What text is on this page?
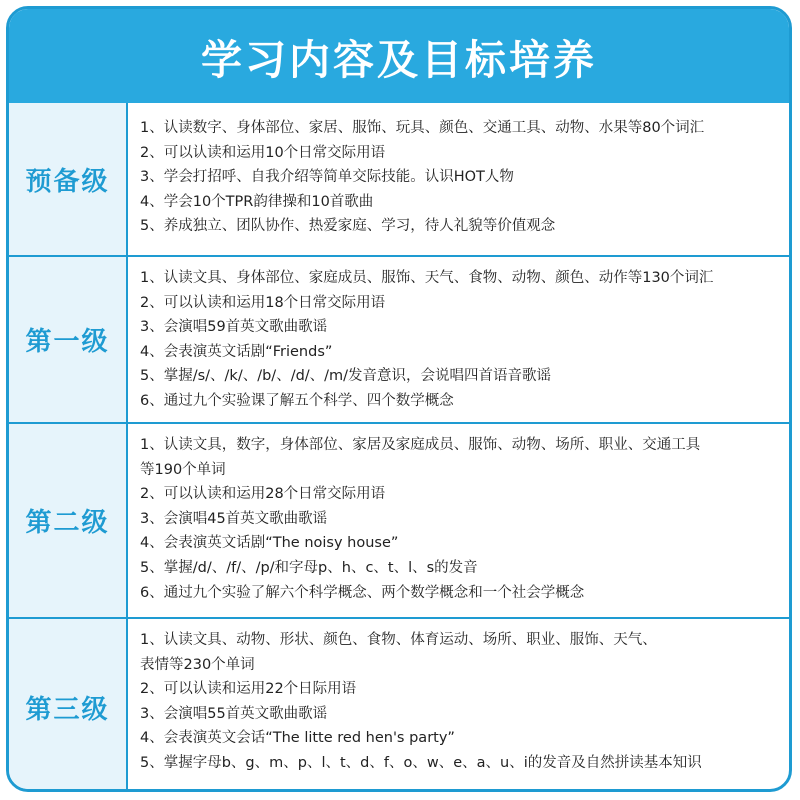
学习内容及目标培养
预备级
1、认读数字、身体部位、家居、服饰、玩具、颜色、交通工具、动物、水果等80个词汇
2、可以认读和运用10个日常交际用语
3、学会打招呼、自我介绍等简单交际技能。认识HOT人物
4、学会10个TPR韵律操和10首歌曲
5、养成独立、团队协作、热爱家庭、学习，待人礼貌等价值观念
第一级
1、认读文具、身体部位、家庭成员、服饰、天气、食物、动物、颜色、动作等130个词汇
2、可以认读和运用18个日常交际用语
3、会演唱59首英文歌曲歌谣
4、会表演英文话剧“Friends”
5、掌握/s/、/k/、/b/、/d/、/m/发音意识，会说唱四首语音歌谣
6、通过九个实验课了解五个科学、四个数学概念
第二级
1、认读文具，数字，身体部位、家居及家庭成员、服饰、动物、场所、职业、交通工具
等190个单词
2、可以认读和运用28个日常交际用语
3、会演唱45首英文歌曲歌谣
4、会表演英文话剧“The noisy house”
5、掌握/d/、/f/、/p/和字母p、h、c、t、l、s的发音
6、通过九个实验了解六个科学概念、两个数学概念和一个社会学概念
第三级
1、认读文具、动物、形状、颜色、食物、体育运动、场所、职业、服饰、天气、
表情等230个单词
2、可以认读和运用22个日际用语
3、会演唱55首英文歌曲歌谣
4、会表演英文会话“The litte red hen's party”
5、掌握字母b、g、m、p、l、t、d、f、o、w、e、a、u、i的发音及自然拼读基本知识
